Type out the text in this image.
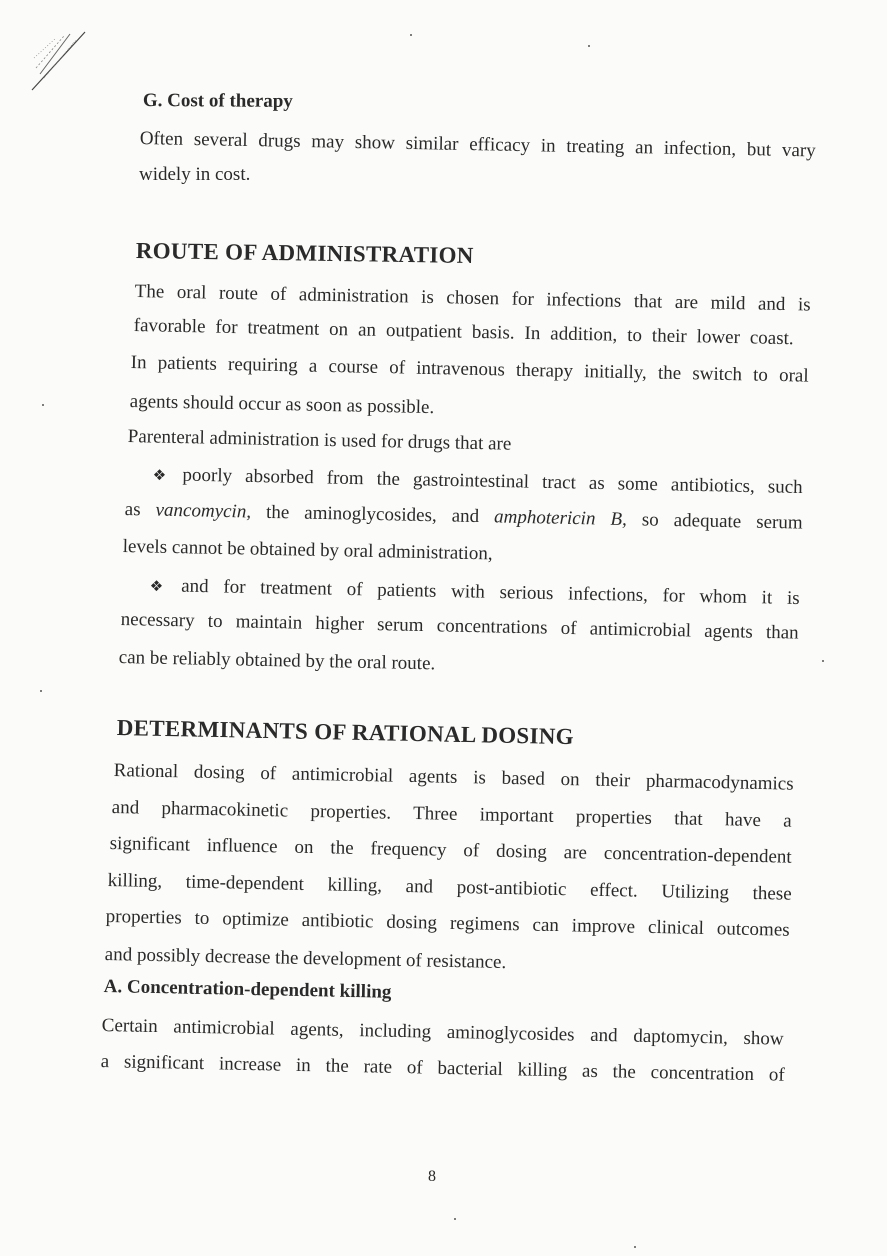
G. Cost of therapy
Often several drugs may show similar efficacy in treating an infection, but vary
widely in cost.
ROUTE OF ADMINISTRATION
The oral route of administration is chosen for infections that are mild and is
favorable for treatment on an outpatient basis. In addition, to their lower coast.
In patients requiring a course of intravenous therapy initially, the switch to oral
agents should occur as soon as possible.
Parenteral administration is used for drugs that are
❖ poorly absorbed from the gastrointestinal tract as some antibiotics, such
as vancomycin, the aminoglycosides, and amphotericin B, so adequate serum
levels cannot be obtained by oral administration,
❖ and for treatment of patients with serious infections, for whom it is
necessary to maintain higher serum concentrations of antimicrobial agents than
can be reliably obtained by the oral route.
DETERMINANTS OF RATIONAL DOSING
Rational dosing of antimicrobial agents is based on their pharmacodynamics
and pharmacokinetic properties. Three important properties that have a
significant influence on the frequency of dosing are concentration-dependent
killing, time-dependent killing, and post-antibiotic effect. Utilizing these
properties to optimize antibiotic dosing regimens can improve clinical outcomes
and possibly decrease the development of resistance.
A. Concentration-dependent killing
Certain antimicrobial agents, including aminoglycosides and daptomycin, show
a significant increase in the rate of bacterial killing as the concentration of
8
